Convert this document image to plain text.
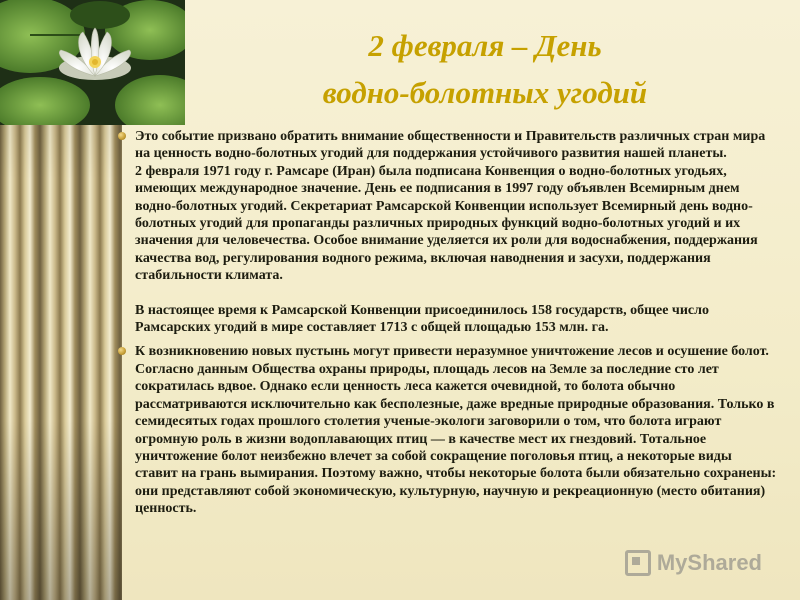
2 февраля – День
водно-болотных угодий
Это событие призвано обратить внимание общественности и Правительств различных стран мира на ценность водно-болотных угодий для поддержания устойчивого развития нашей планеты.
2 февраля 1971 году г. Рамсаре (Иран) была подписана Конвенция о водно-болотных угодьях, имеющих международное значение. День ее подписания в 1997 году объявлен Всемирным днем водно-болотных угодий. Секретариат Рамсарской Конвенции использует Всемирный день водно-болотных угодий для пропаганды различных природных функций водно-болотных угодий и их значения для человечества. Особое внимание уделяется их роли для водоснабжения, поддержания качества вод, регулирования водного режима, включая наводнения и засухи, поддержания стабильности климата.
В настоящее время к Рамсарской Конвенции присоединилось 158 государств, общее число Рамсарских угодий в мире составляет 1713 с общей площадью 153 млн. га.
К возникновению новых пустынь могут привести неразумное уничтожение лесов и осушение болот. Согласно данным Общества охраны природы, площадь лесов на Земле за последние сто лет сократилась вдвое. Однако если ценность леса кажется очевидной, то болота обычно рассматриваются исключительно как бесполезные, даже вредные природные образования. Только в семидесятых годах прошлого столетия ученые-экологи заговорили о том, что болота играют огромную роль в жизни водоплавающих птиц — в качестве мест их гнездовий. Тотальное уничтожение болот неизбежно влечет за собой сокращение поголовья птиц, а некоторые виды ставит на грань вымирания. Поэтому важно, чтобы некоторые болота были обязательно сохранены: они представляют собой экономическую, культурную, научную и рекреационную (место обитания) ценность.
MyShared
